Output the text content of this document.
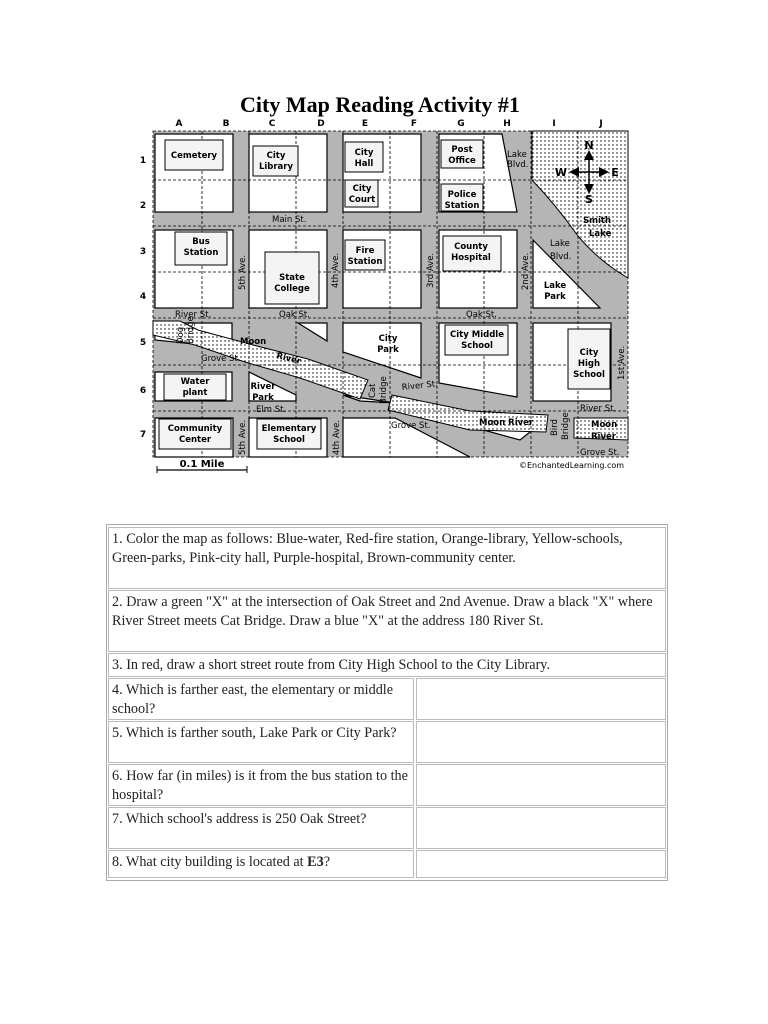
City Map Reading Activity #1
A	B	C	D	E	F	G	H	I	J
1
2
3
4
5
6
7
Cemetery	City
Library
City
Hall
City
Court
Post
Office
Police
Station
Bus
Station
State
College
Fire
Station
County
Hospital
Lake
Park
City
Park
City Middle
School
City
High
School
Water
plant
River
Park
Community
Center
Elementary
School
Main St.
Oak St.	Oak St.
River St.
River St.
River St.
Grove St.
Grove St.
Grove St.
Elm St.
5th Ave.	4th Ave.	3rd Ave.	2nd Ave.
1st Ave.
5th Ave.	4th Ave.
Lake
Blvd.
Lake
Blvd.
Moon
River
Moon River	Moon
River
Smith
Lake
Dog Bridge
Cat Bridge
Bird Bridge
N
S
W	E
0.1 Mile	©EnchantedLearning.com
1. Color the map as follows: Blue-water, Red-fire station, Orange-library, Yellow-schools, Green-parks, Pink-city hall, Purple-hospital, Brown-community center.
2. Draw a green "X" at the intersection of Oak Street and 2nd Avenue. Draw a black "X" where River Street meets Cat Bridge. Draw a blue "X" at the address 180 River St.
3. In red, draw a short street route from City High School to the City Library.
4. Which is farther east, the elementary or middle school?
5. Which is farther south, Lake Park or City Park?
6. How far (in miles) is it from the bus station to the hospital?
7. Which school's address is 250 Oak Street?
8. What city building is located at E3?
